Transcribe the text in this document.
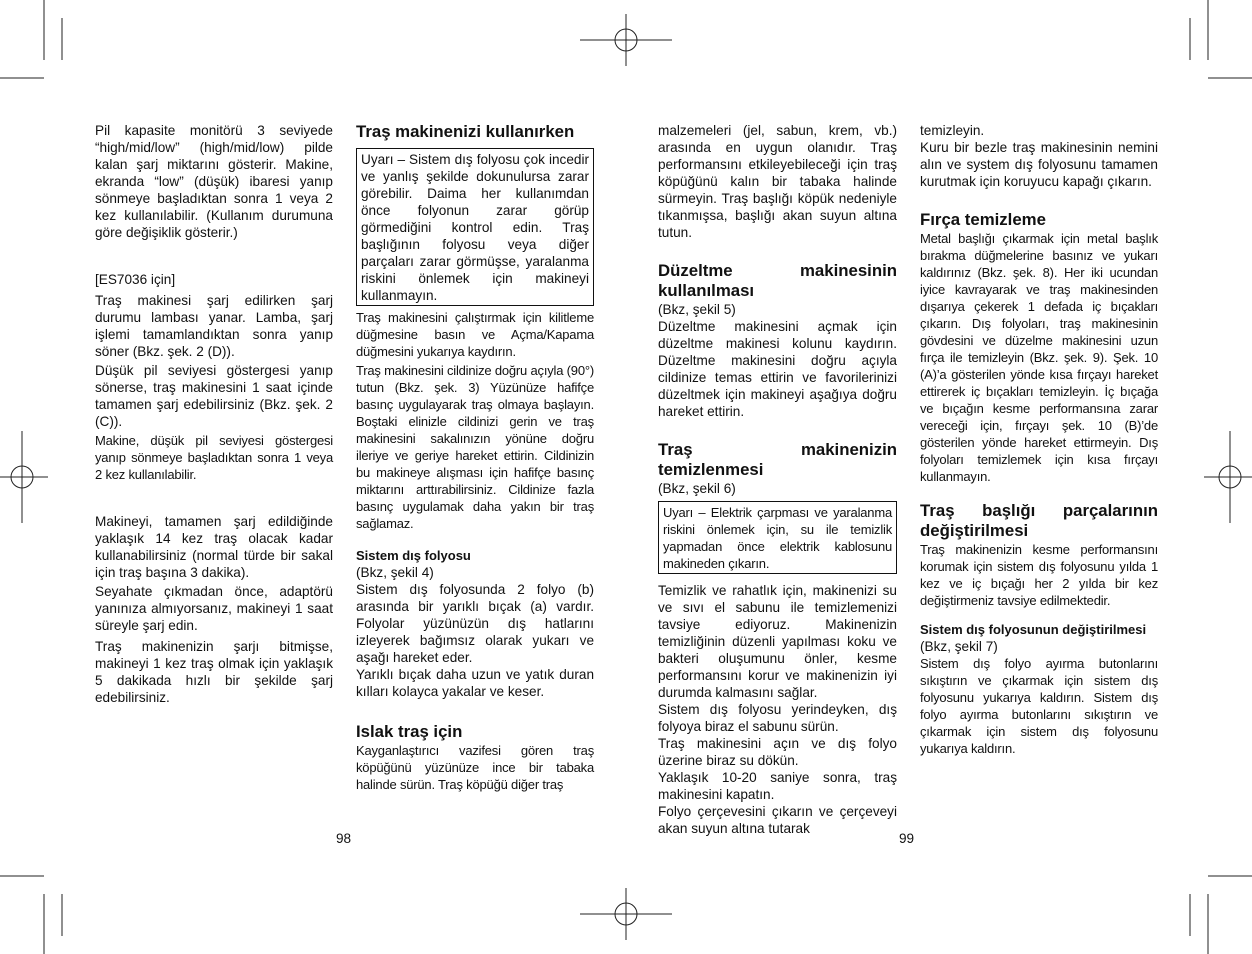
Pil kapasite monitörü 3 seviyede “high/mid/low” (high/mid/low) pilde kalan şarj miktarını gösterir. Makine, ekranda “low” (düşük) ibaresi yanıp sönmeye başladıktan sonra 1 veya 2 kez kullanılabilir. (Kullanım durumuna göre değişiklik gösterir.)

[ES7036 için]

Traş makinesi şarj edilirken şarj durumu lambası yanar. Lamba, şarj işlemi tamamlandıktan sonra yanıp söner (Bkz. şek. 2 (D)).

Düşük pil seviyesi göstergesi yanıp sönerse, traş makinesini 1 saat içinde tamamen şarj edebilirsiniz (Bkz. şek. 2 (C)).

Makine, düşük pil seviyesi göstergesi yanıp sönmeye başladıktan sonra 1 veya 2 kez kullanılabilir.

Makineyi, tamamen şarj edildiğinde yaklaşık 14 kez traş olacak kadar kullanabilirsiniz (normal türde bir sakal için traş başına 3 dakika).

Seyahate çıkmadan önce, adaptörü yanınıza almıyorsanız, makineyi 1 saat süreyle şarj edin.

Traş makinenizin şarjı bitmişse, makineyi 1 kez traş olmak için yaklaşık 5 dakikada hızlı bir şekilde şarj edebilirsiniz.

Traş makinenizi kullanırken

Uyarı – Sistem dış folyosu çok incedir ve yanlış şekilde dokunulursa zarar görebilir. Daima her kullanımdan önce folyonun zarar görüp görmediğini kontrol edin. Traş başlığının folyosu veya diğer parçaları zarar görmüşse, yaralanma riskini önlemek için makineyi kullanmayın.

Traş makinesini çalıştırmak için kilitleme düğmesine basın ve Açma/Kapama düğmesini yukarıya kaydırın.

Traş makinesini cildinize doğru açıyla (90°) tutun (Bkz. şek. 3) Yüzünüze hafifçe basınç uygulayarak traş olmaya başlayın. Boştaki elinizle cildinizi gerin ve traş makinesini sakalınızın yönüne doğru ileriye ve geriye hareket ettirin. Cildinizin bu makineye alışması için hafifçe basınç miktarını arttırabilirsiniz. Cildinize fazla basınç uygulamak daha yakın bir traş sağlamaz.

Sistem dış folyosu

(Bkz, şekil 4)

Sistem dış folyosunda 2 folyo (b) arasında bir yarıklı bıçak (a) vardır. Folyolar yüzünüzün dış hatlarını izleyerek bağımsız olarak yukarı ve aşağı hareket eder.

Yarıklı bıçak daha uzun ve yatık duran kılları kolayca yakalar ve keser.

Islak traş için

Kayganlaştırıcı vazifesi gören traş köpüğünü yüzünüze ince bir tabaka halinde sürün. Traş köpüğü diğer traş

98

malzemeleri (jel, sabun, krem, vb.) arasında en uygun olanıdır. Traş performansını etkileyebileceği için traş köpüğünü kalın bir tabaka halinde sürmeyin. Traş başlığı köpük nedeniyle tıkanmışsa, başlığı akan suyun altına tutun.

Düzeltme makinesinin kullanılması

(Bkz, şekil 5)

Düzeltme makinesini açmak için düzeltme makinesi kolunu kaydırın. Düzeltme makinesini doğru açıyla cildinize temas ettirin ve favorilerinizi düzeltmek için makineyi aşağıya doğru hareket ettirin.

Traş makinenizin temizlenmesi

(Bkz, şekil 6)

Uyarı – Elektrik çarpması ve yaralanma riskini önlemek için, su ile temizlik yapmadan önce elektrik kablosunu makineden çıkarın.

Temizlik ve rahatlık için, makinenizi su ve sıvı el sabunu ile temizlemenizi tavsiye ediyoruz. Makinenizin temizliğinin düzenli yapılması koku ve bakteri oluşumunu önler, kesme performansını korur ve makinenizin iyi durumda kalmasını sağlar.

Sistem dış folyosu yerindeyken, dış folyoya biraz el sabunu sürün.

Traş makinesini açın ve dış folyo üzerine biraz su dökün.

Yaklaşık 10-20 saniye sonra, traş makinesini kapatın.

Folyo çerçevesini çıkarın ve çerçeveyi akan suyun altına tutarak

99

temizleyin.

Kuru bir bezle traş makinesinin nemini alın ve system dış folyosunu tamamen kurutmak için koruyucu kapağı çıkarın.

Fırça temizleme

Metal başlığı çıkarmak için metal başlık bırakma düğmelerine basınız ve yukarı kaldırınız (Bkz. şek. 8). Her iki ucundan iyice kavrayarak ve traş makinesinden dışarıya çekerek 1 defada iç bıçakları çıkarın. Dış folyoları, traş makinesinin gövdesini ve düzelme makinesini uzun fırça ile temizleyin (Bkz. şek. 9). Şek. 10 (A)’a gösterilen yönde kısa fırçayı hareket ettirerek iç bıçakları temizleyin. İç bıçağa ve bıçağın kesme performansına zarar vereceği için, fırçayı şek. 10 (B)’de gösterilen yönde hareket ettirmeyin. Dış folyoları temizlemek için kısa fırçayı kullanmayın.

Traş başlığı parçalarının değiştirilmesi

Traş makinenizin kesme performansını korumak için sistem dış folyosunu yılda 1 kez ve iç bıçağı her 2 yılda bir kez değiştirmeniz tavsiye edilmektedir.

Sistem dış folyosunun değiştirilmesi

(Bkz, şekil 7)

Sistem dış folyo ayırma butonlarını sıkıştırın ve çıkarmak için sistem dış folyosunu yukarıya kaldırın. Sistem dış folyo ayırma butonlarını sıkıştırın ve çıkarmak için sistem dış folyosunu yukarıya kaldırın.
